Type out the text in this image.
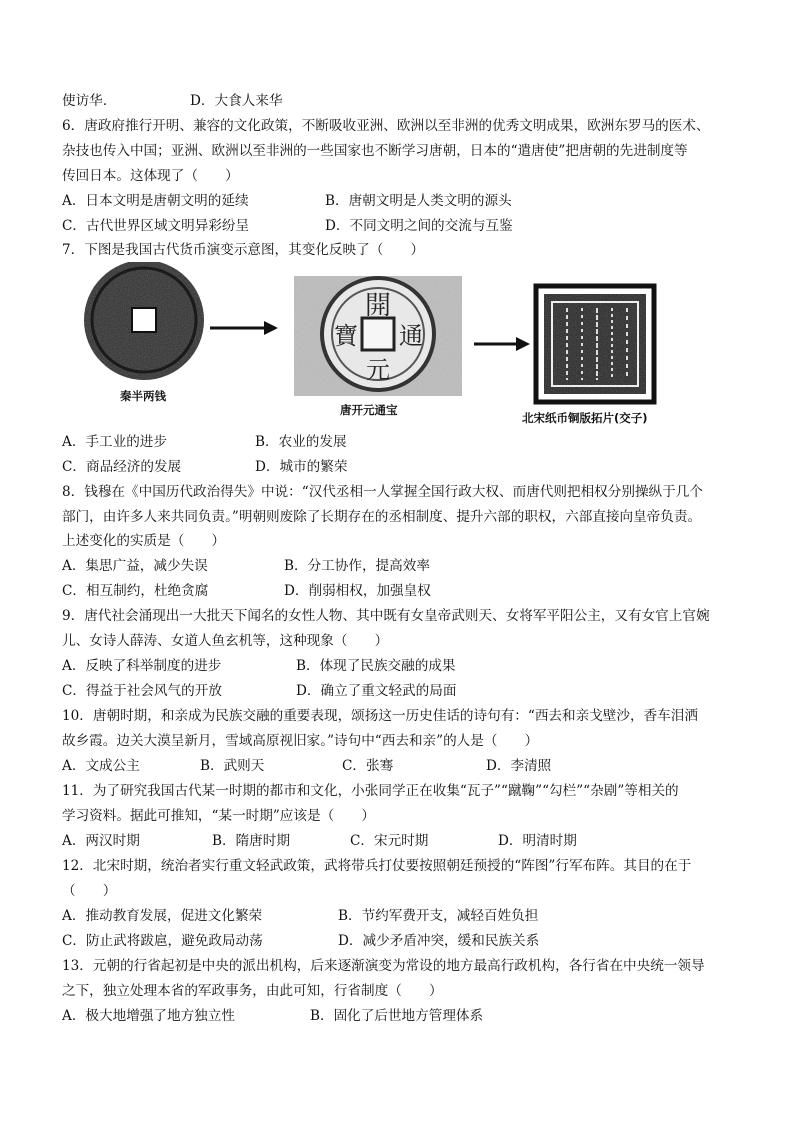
使访华.	D．大食人来华
6．唐政府推行开明、兼容的文化政策，不断吸收亚洲、欧洲以至非洲的优秀文明成果，欧洲东罗马的医术、
杂技也传入中国；亚洲、欧洲以至非洲的一些国家也不断学习唐朝，日本的“遣唐使”把唐朝的先进制度等
传回日本。这体现了（　　）
A．日本文明是唐朝文明的延续	B．唐朝文明是人类文明的源头
C．古代世界区域文明异彩纷呈	D．不同文明之间的交流与互鉴
7．下图是我国古代货币演变示意图，其变化反映了（　　）
開
元
通
寶
秦半两钱
唐开元通宝
北宋纸币铜版拓片(交子)
A．手工业的进步	B．农业的发展
C．商品经济的发展	D．城市的繁荣
8．钱穆在《中国历代政治得失》中说：“汉代丞相一人掌握全国行政大权、而唐代则把相权分别操纵于几个
部门，由许多人来共同负责。”明朝则废除了长期存在的丞相制度、提升六部的职权，六部直接向皇帝负责。
上述变化的实质是（　　）
A．集思广益，减少失误	B．分工协作，提高效率
C．相互制约，杜绝贪腐	D．削弱相权，加强皇权
9．唐代社会涌现出一大批天下闻名的女性人物、其中既有女皇帝武则天、女将军平阳公主，又有女官上官婉
儿、女诗人薛涛、女道人鱼玄机等，这种现象（　　）
A．反映了科举制度的进步	B．体现了民族交融的成果
C．得益于社会风气的开放	D．确立了重文轻武的局面
10．唐朝时期，和亲成为民族交融的重要表现，颂扬这一历史佳话的诗句有：“西去和亲戈壁沙，香车泪洒
故乡霞。边关大漠呈新月，雪域高原视旧家。”诗句中“西去和亲”的人是（　　）
A．文成公主	B．武则天	C．张骞	D．李清照
11．为了研究我国古代某一时期的都市和文化，小张同学正在收集“瓦子”“蹴鞠”“勾栏”“杂剧”等相关的
学习资料。据此可推知，“某一时期”应该是（　　）
A．两汉时期	B．隋唐时期	C．宋元时期	D．明清时期
12．北宋时期，统治者实行重文轻武政策，武将带兵打仗要按照朝廷预授的“阵图”行军布阵。其目的在于
（　　）
A．推动教育发展，促进文化繁荣	B．节约军费开支，减轻百姓负担
C．防止武将跋扈，避免政局动荡	D．减少矛盾冲突，缓和民族关系
13．元朝的行省起初是中央的派出机构，后来逐渐演变为常设的地方最高行政机构，各行省在中央统一领导
之下，独立处理本省的军政事务，由此可知，行省制度（　　）
A．极大地增强了地方独立性	B．固化了后世地方管理体系
